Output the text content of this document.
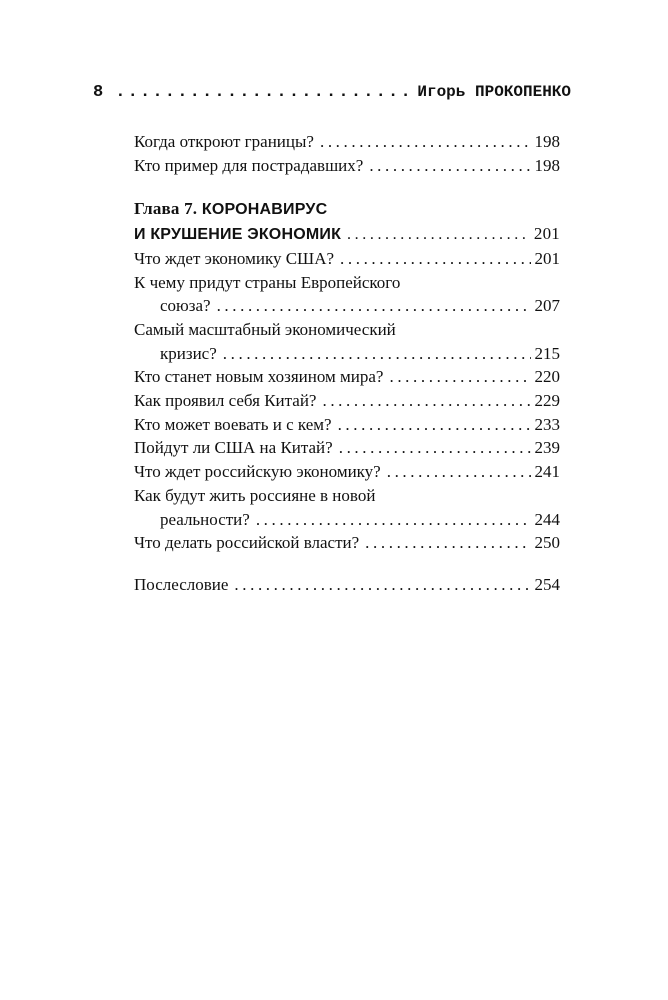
8 .....	Игорь ПРОКОПЕНКО
Когда откроют границы? .....	198
Кто пример для пострадавших? .....	198
Глава 7. КОРОНАВИРУС
И КРУШЕНИЕ ЭКОНОМИК .....	201
Что ждет экономику США? .....	201
К чему придут страны Европейского
союза? .....	207
Самый масштабный экономический
кризис? .....	215
Кто станет новым хозяином мира? .....	220
Как проявил себя Китай? .....	229
Кто может воевать и с кем? .....	233
Пойдут ли США на Китай? .....	239
Что ждет российскую экономику? .....	241
Как будут жить россияне в новой
реальности? .....	244
Что делать российской власти? .....	250
Послесловие .....	254
